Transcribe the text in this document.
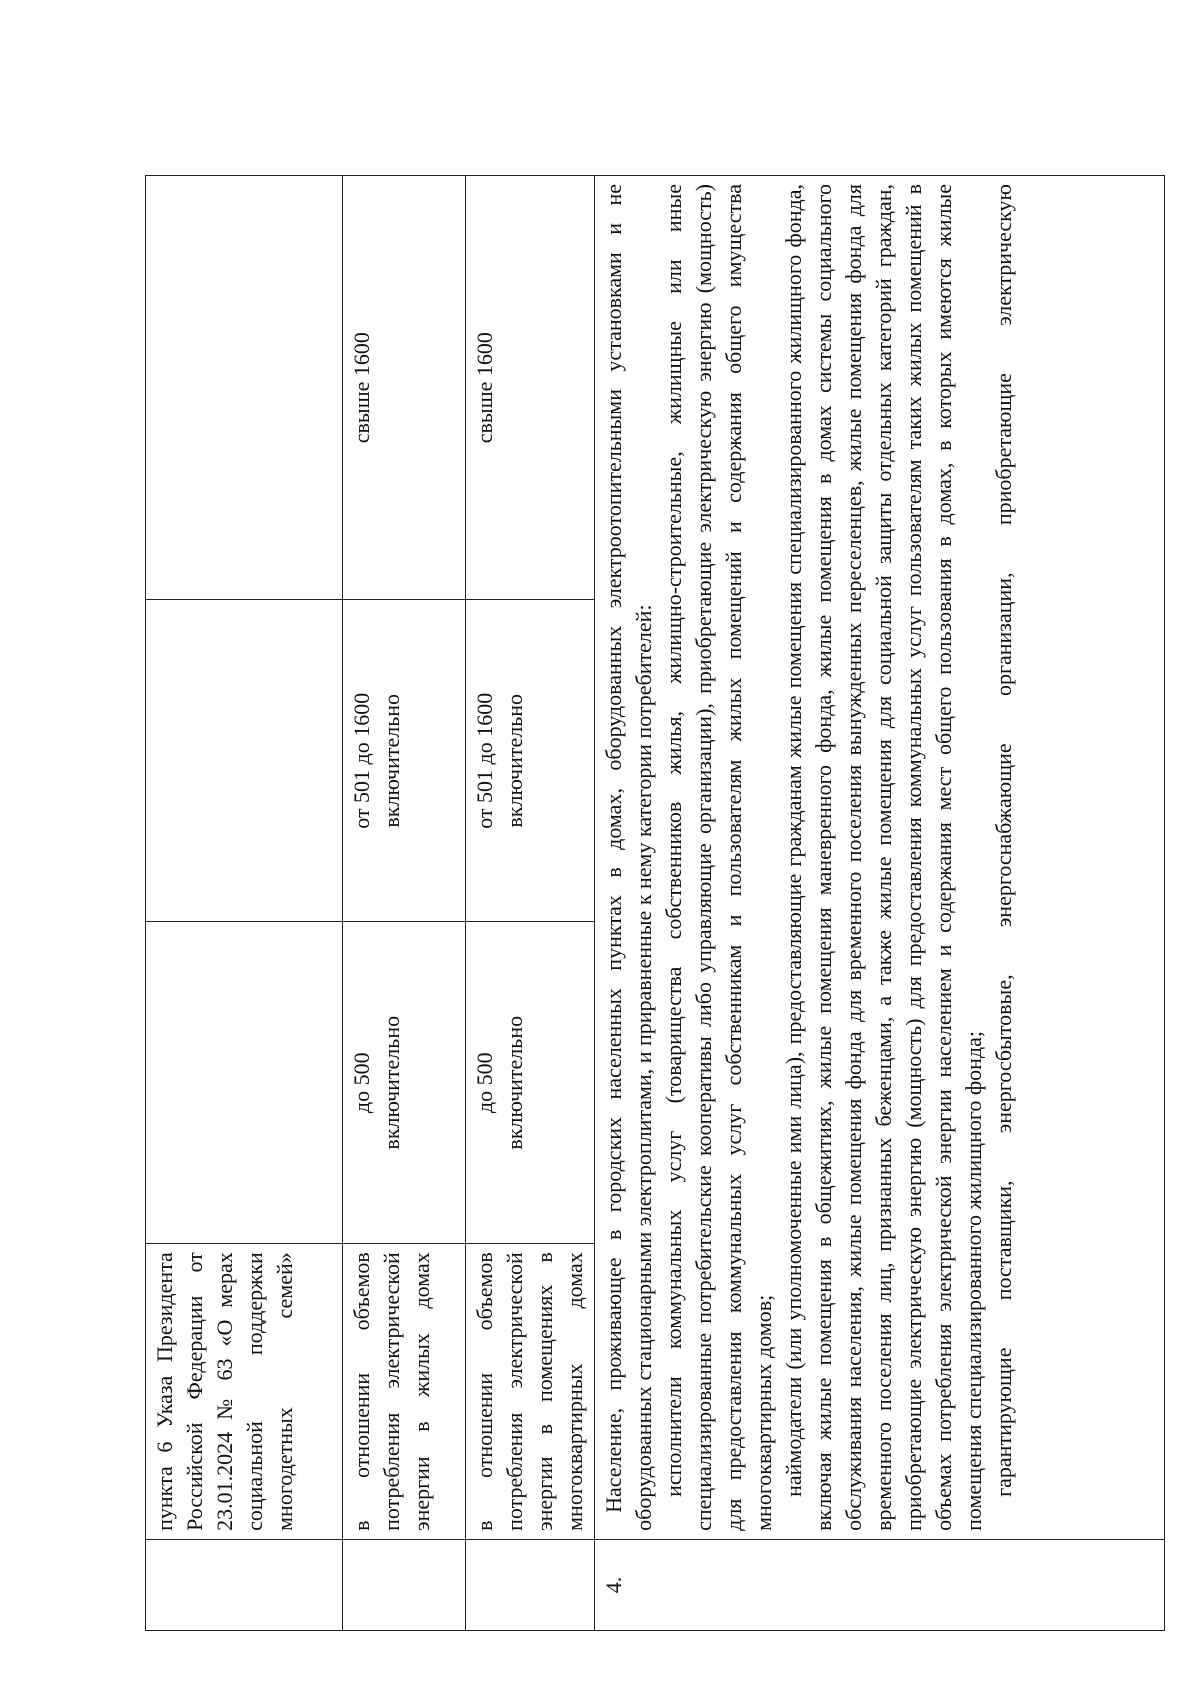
	пункта 6 Указа Президента Российской Федерации от 23.01.2024 № 63 «О мерах социальной поддержки многодетных семей»			
	в отношении объемов потребления электрической энергии в жилых домах	до 500 включительно	от 501 до 1600 включительно	свыше 1600

	в отношении объемов потребления электрической энергии в помещениях в многоквартирных домах	до 500 включительно	от 501 до 1600 включительно	свыше 1600

4.	Население, проживающее в городских населенных пунктах в домах, оборудованных электроотопительными установками и не оборудованных стационарными электроплитами, и приравненные к нему категории потребителей: исполнители коммунальных услуг (товарищества собственников жилья, жилищно-строительные, жилищные или иные специализированные потребительские кооперативы либо управляющие организации), приобретающие электрическую энергию (мощность) для предоставления коммунальных услуг собственникам и пользователям жилых помещений и содержания общего имущества многоквартирных домов; наймодатели (или уполномоченные ими лица), предоставляющие гражданам жилые помещения специализированного жилищного фонда, включая жилые помещения в общежитиях, жилые помещения маневренного фонда, жилые помещения в домах системы социального обслуживания населения, жилые помещения фонда для временного поселения вынужденных переселенцев, жилые помещения фонда для временного поселения лиц, признанных беженцами, а также жилые помещения для социальной защиты отдельных категорий граждан, приобретающие электрическую энергию (мощность) для предоставления коммунальных услуг пользователям таких жилых помещений в объемах потребления электрической энергии населением и содержания мест общего пользования в домах, в которых имеются жилые помещения специализированного жилищного фонда; гарантирующие поставщики, энергосбытовые, энергоснабжающие организации, приобретающие электрическую			
